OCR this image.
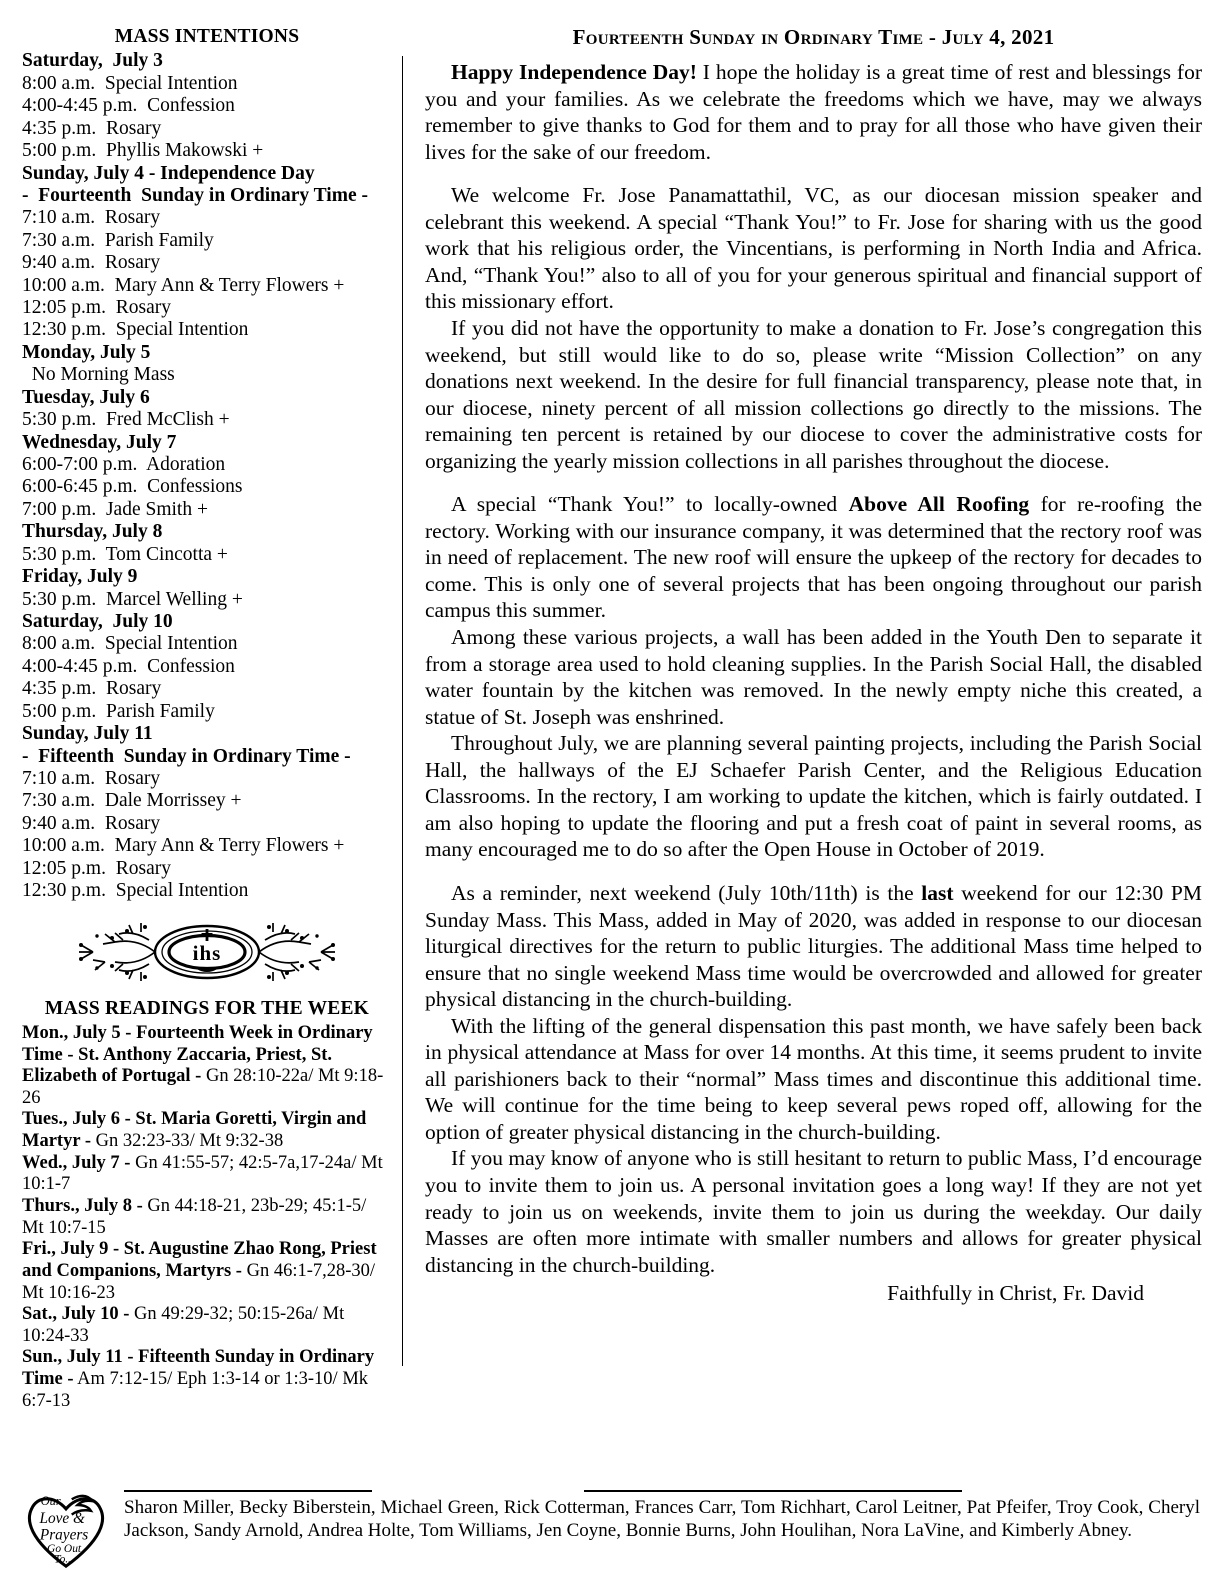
MASS INTENTIONS
Saturday,  July 3
8:00 a.m. Special Intention
4:00-4:45 p.m. Confession
4:35 p.m. Rosary
5:00 p.m. Phyllis Makowski +
Sunday, July 4 - Independence Day
-  Fourteenth  Sunday in Ordinary Time -
7:10 a.m. Rosary
7:30 a.m. Parish Family
9:40 a.m. Rosary
10:00 a.m. Mary Ann & Terry Flowers +
12:05 p.m. Rosary
12:30 p.m. Special Intention
Monday, July 5
No Morning Mass
Tuesday, July 6
5:30 p.m. Fred McClish +
Wednesday, July 7
6:00-7:00 p.m. Adoration
6:00-6:45 p.m. Confessions
7:00 p.m. Jade Smith +
Thursday, July 8
5:30 p.m. Tom Cincotta +
Friday, July 9
5:30 p.m. Marcel Welling +
Saturday,  July 10
8:00 a.m. Special Intention
4:00-4:45 p.m. Confession
4:35 p.m. Rosary
5:00 p.m. Parish Family
Sunday, July 11
-  Fifteenth  Sunday in Ordinary Time -
7:10 a.m. Rosary
7:30 a.m. Dale Morrissey +
9:40 a.m. Rosary
10:00 a.m. Mary Ann & Terry Flowers +
12:05 p.m. Rosary
12:30 p.m. Special Intention
ihs
MASS READINGS FOR THE WEEK

Mon., July 5 - Fourteenth Week in Ordinary Time - St. Anthony Zaccaria, Priest, St. Elizabeth of Portugal - Gn 28:10-22a/ Mt 9:18-26

Tues., July 6 - St. Maria Goretti, Virgin and Martyr - Gn 32:23-33/ Mt 9:32-38

Wed., July 7 - Gn 41:55-57; 42:5-7a,17-24a/ Mt 10:1-7

Thurs., July 8 - Gn 44:18-21, 23b-29; 45:1-5/ Mt 10:7-15

Fri., July 9 - St. Augustine Zhao Rong, Priest and Companions, Martyrs - Gn 46:1-7,28-30/ Mt 10:16-23

Sat., July 10 - Gn 49:29-32; 50:15-26a/ Mt 10:24-33

Sun., July 11 - Fifteenth Sunday in Ordinary Time - Am 7:12-15/ Eph 1:3-14 or 1:3-10/ Mk 6:7-13

Fourteenth Sunday in Ordinary Time - July 4, 2021

Happy Independence Day! I hope the holiday is a great time of rest and blessings for you and your families. As we celebrate the freedoms which we have, may we always remember to give thanks to God for them and to pray for all those who have given their lives for the sake of our freedom.

We welcome Fr. Jose Panamattathil, VC, as our diocesan mission speaker and celebrant this weekend. A special “Thank You!” to Fr. Jose for sharing with us the good work that his religious order, the Vincentians, is performing in North India and Africa. And, “Thank You!” also to all of you for your generous spiritual and financial support of this missionary effort.

If you did not have the opportunity to make a donation to Fr. Jose’s congregation this weekend, but still would like to do so, please write “Mission Collection” on any donations next weekend. In the desire for full financial transparency, please note that, in our diocese, ninety percent of all mission collections go directly to the missions. The remaining ten percent is retained by our diocese to cover the administrative costs for organizing the yearly mission collections in all parishes throughout the diocese.

A special “Thank You!” to locally-owned Above All Roofing for re-roofing the rectory. Working with our insurance company, it was determined that the rectory roof was in need of replacement. The new roof will ensure the upkeep of the rectory for decades to come. This is only one of several projects that has been ongoing throughout our parish campus this summer.

Among these various projects, a wall has been added in the Youth Den to separate it from a storage area used to hold cleaning supplies. In the Parish Social Hall, the disabled water fountain by the kitchen was removed. In the newly empty niche this created, a statue of St. Joseph was enshrined.

Throughout July, we are planning several painting projects, including the Parish Social Hall, the hallways of the EJ Schaefer Parish Center, and the Religious Education Classrooms. In the rectory, I am working to update the kitchen, which is fairly outdated. I am also hoping to update the flooring and put a fresh coat of paint in several rooms, as many encouraged me to do so after the Open House in October of 2019.

As a reminder, next weekend (July 10th/11th) is the last weekend for our 12:30 PM Sunday Mass. This Mass, added in May of 2020, was added in response to our diocesan liturgical directives for the return to public liturgies. The additional Mass time helped to ensure that no single weekend Mass time would be overcrowded and allowed for greater physical distancing in the church-building.

With the lifting of the general dispensation this past month, we have safely been back in physical attendance at Mass for over 14 months. At this time, it seems prudent to invite all parishioners back to their “normal” Mass times and discontinue this additional time. We will continue for the time being to keep several pews roped off, allowing for the option of greater physical distancing in the church-building.

If you may know of anyone who is still hesitant to return to public Mass, I’d encourage you to invite them to join us. A personal invitation goes a long way! If they are not yet ready to join us on weekends, invite them to join us during the weekday. Our daily Masses are often more intimate with smaller numbers and allows for greater physical distancing in the church-building.

Faithfully in Christ, Fr. David
Our
Love &
Prayers
Go Out
To...
Sharon Miller, Becky Biberstein, Michael Green, Rick Cotterman, Frances Carr, Tom Richhart, Carol Leitner, Pat Pfeifer, Troy Cook, Cheryl Jackson, Sandy Arnold, Andrea Holte, Tom Williams, Jen Coyne, Bonnie Burns, John Houlihan, Nora LaVine, and Kimberly Abney.
